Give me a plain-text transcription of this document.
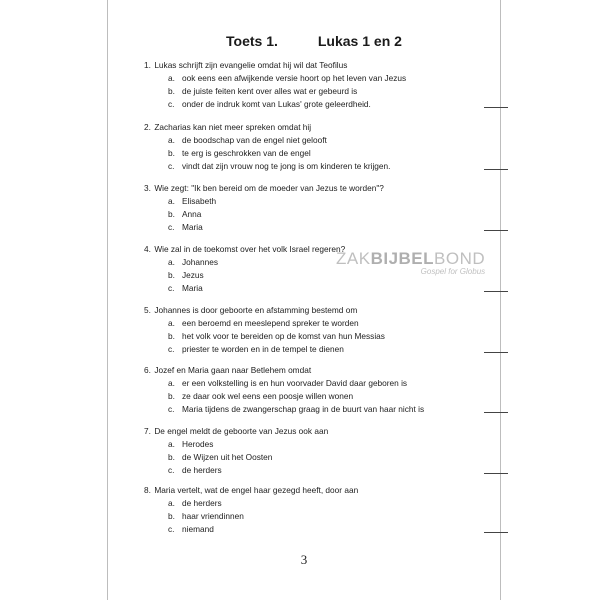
Toets 1.	Lukas 1 en 2
1. Lukas schrijft zijn evangelie omdat hij wil dat Teofilus
a. ook eens een afwijkende versie hoort op het leven van Jezus
b. de juiste feiten kent over alles wat er gebeurd is
c. onder de indruk komt van Lukas' grote geleerdheid.
2. Zacharias kan niet meer spreken omdat hij
a. de boodschap van de engel niet gelooft
b. te erg is geschrokken van de engel
c. vindt dat zijn vrouw nog te jong is om kinderen te krijgen.
3. Wie zegt: "Ik ben bereid om de moeder van Jezus te worden"?
a. Elisabeth
b. Anna
c. Maria
4. Wie zal in de toekomst over het volk Israel regeren?
a. Johannes
b. Jezus
c. Maria
5. Johannes is door geboorte en afstamming bestemd om
a. een beroemd en meeslepend spreker te worden
b. het volk voor te bereiden op de komst van hun Messias
c. priester te worden en in de tempel te dienen
6. Jozef en Maria gaan naar Betlehem omdat
a. er een volkstelling is en hun voorvader David daar geboren is
b. ze daar ook wel eens een poosje willen wonen
c. Maria tijdens de zwangerschap graag in de buurt van haar nicht is
7. De engel meldt de geboorte van Jezus ook aan
a. Herodes
b. de Wijzen uit het Oosten
c. de herders
8. Maria vertelt, wat de engel haar gezegd heeft, door aan
a. de herders
b. haar vriendinnen
c. niemand
3
ZAKBIJBELBOND
Gospel for Globus
